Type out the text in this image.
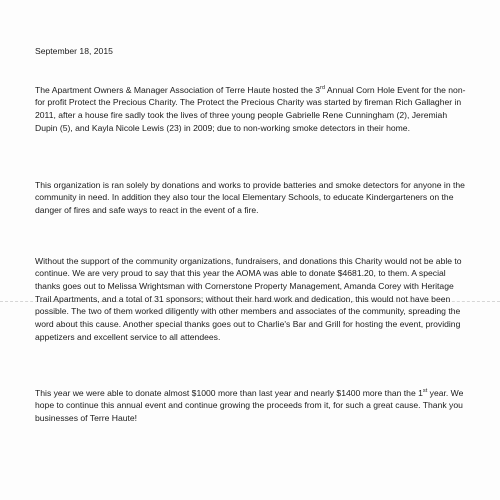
September 18, 2015

The Apartment Owners & Manager Association of Terre Haute hosted the 3rd Annual Corn Hole Event for the non-for profit Protect the Precious Charity. The Protect the Precious Charity was started by fireman Rich Gallagher in 2011, after a house fire sadly took the lives of three young people Gabrielle Rene Cunningham (2), Jeremiah Dupin (5), and Kayla Nicole Lewis (23) in 2009; due to non-working smoke detectors in their home.

This organization is ran solely by donations and works to provide batteries and smoke detectors for anyone in the community in need. In addition they also tour the local Elementary Schools, to educate Kindergarteners on the danger of fires and safe ways to react in the event of a fire.

Without the support of the community organizations, fundraisers, and donations this Charity would not be able to continue. We are very proud to say that this year the AOMA was able to donate $4681.20, to them. A special thanks goes out to Melissa Wrightsman with Cornerstone Property Management, Amanda Corey with Heritage Trail Apartments, and a total of 31 sponsors; without their hard work and dedication, this would not have been possible. The two of them worked diligently with other members and associates of the community, spreading the word about this cause. Another special thanks goes out to Charlie's Bar and Grill for hosting the event, providing appetizers and excellent service to all attendees.

This year we were able to donate almost $1000 more than last year and nearly $1400 more than the 1st year. We hope to continue this annual event and continue growing the proceeds from it, for such a great cause. Thank you businesses of Terre Haute!
